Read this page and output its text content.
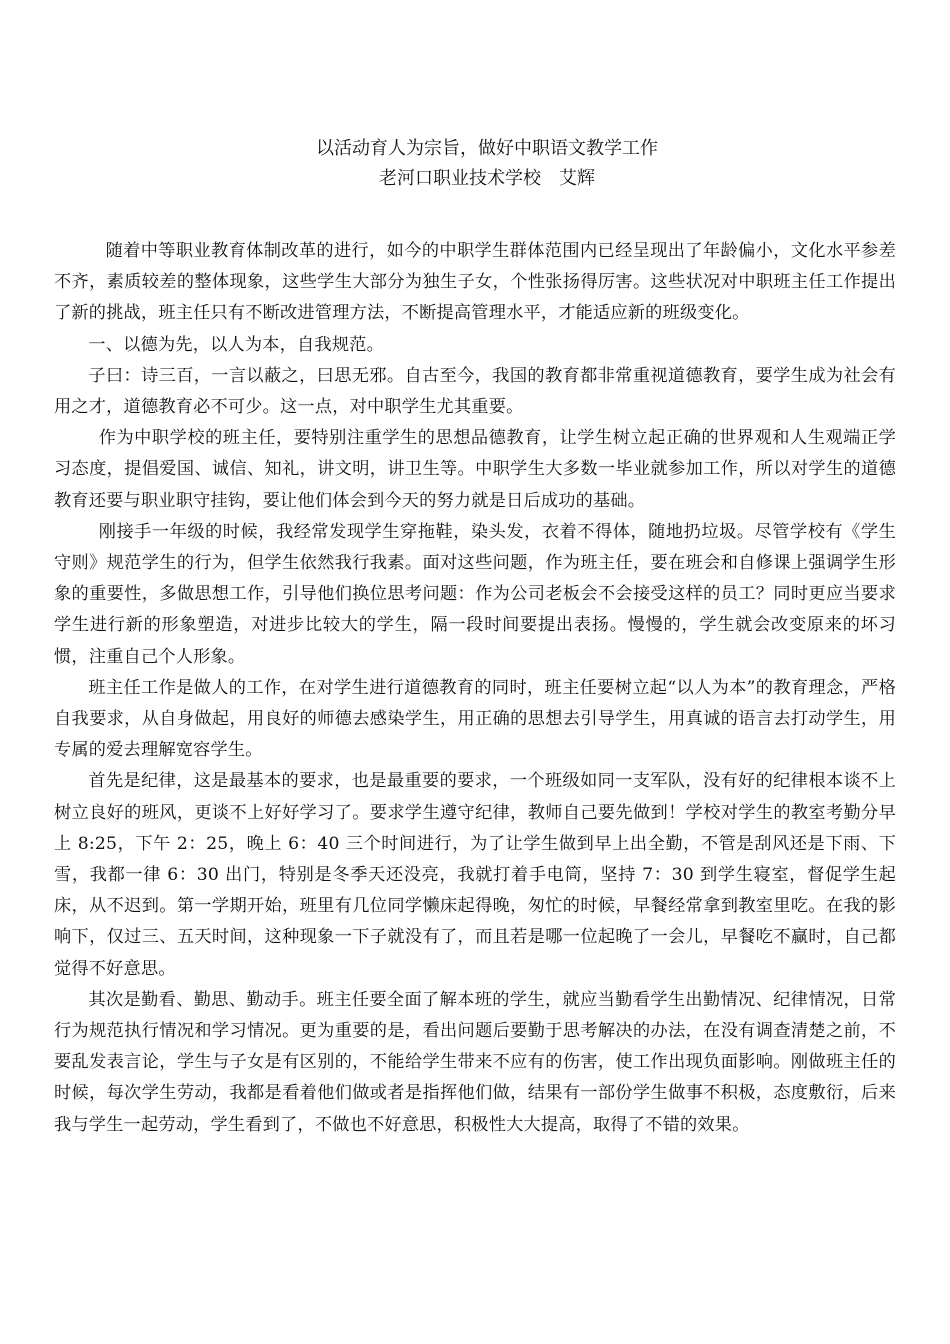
以活动育人为宗旨，做好中职语文教学工作

老河口职业技术学校　艾辉

随着中等职业教育体制改革的进行，如今的中职学生群体范围内已经呈现出了年龄偏小，文化水平参差不齐，素质较差的整体现象，这些学生大部分为独生子女，个性张扬得厉害。这些状况对中职班主任工作提出了新的挑战，班主任只有不断改进管理方法，不断提高管理水平，才能适应新的班级变化。

一、以德为先，以人为本，自我规范。

子曰：诗三百，一言以蔽之，曰思无邪。自古至今，我国的教育都非常重视道德教育，要学生成为社会有用之才，道德教育必不可少。这一点，对中职学生尤其重要。

作为中职学校的班主任，要特别注重学生的思想品德教育，让学生树立起正确的世界观和人生观端正学习态度，提倡爱国、诚信、知礼，讲文明，讲卫生等。中职学生大多数一毕业就参加工作，所以对学生的道德教育还要与职业职守挂钩，要让他们体会到今天的努力就是日后成功的基础。

刚接手一年级的时候，我经常发现学生穿拖鞋，染头发，衣着不得体，随地扔垃圾。尽管学校有《学生守则》规范学生的行为，但学生依然我行我素。面对这些问题，作为班主任，要在班会和自修课上强调学生形象的重要性，多做思想工作，引导他们换位思考问题：作为公司老板会不会接受这样的员工？同时更应当要求学生进行新的形象塑造，对进步比较大的学生，隔一段时间要提出表扬。慢慢的，学生就会改变原来的坏习惯，注重自己个人形象。

班主任工作是做人的工作，在对学生进行道德教育的同时，班主任要树立起“以人为本”的教育理念，严格自我要求，从自身做起，用良好的师德去感染学生，用正确的思想去引导学生，用真诚的语言去打动学生，用专属的爱去理解宽容学生。

首先是纪律，这是最基本的要求，也是最重要的要求，一个班级如同一支军队，没有好的纪律根本谈不上树立良好的班风，更谈不上好好学习了。要求学生遵守纪律，教师自己要先做到！学校对学生的教室考勤分早上 8:25，下午 2：25，晚上 6：40 三个时间进行，为了让学生做到早上出全勤，不管是刮风还是下雨、下雪，我都一律 6：30 出门，特别是冬季天还没亮，我就打着手电筒，坚持 7：30 到学生寝室，督促学生起床，从不迟到。第一学期开始，班里有几位同学懒床起得晚，匆忙的时候，早餐经常拿到教室里吃。在我的影响下，仅过三、五天时间，这种现象一下子就没有了，而且若是哪一位起晚了一会儿，早餐吃不赢时，自己都觉得不好意思。

其次是勤看、勤思、勤动手。班主任要全面了解本班的学生，就应当勤看学生出勤情况、纪律情况，日常行为规范执行情况和学习情况。更为重要的是，看出问题后要勤于思考解决的办法，在没有调查清楚之前，不要乱发表言论，学生与子女是有区别的，不能给学生带来不应有的伤害，使工作出现负面影响。刚做班主任的时候，每次学生劳动，我都是看着他们做或者是指挥他们做，结果有一部份学生做事不积极，态度敷衍，后来我与学生一起劳动，学生看到了，不做也不好意思，积极性大大提高，取得了不错的效果。
